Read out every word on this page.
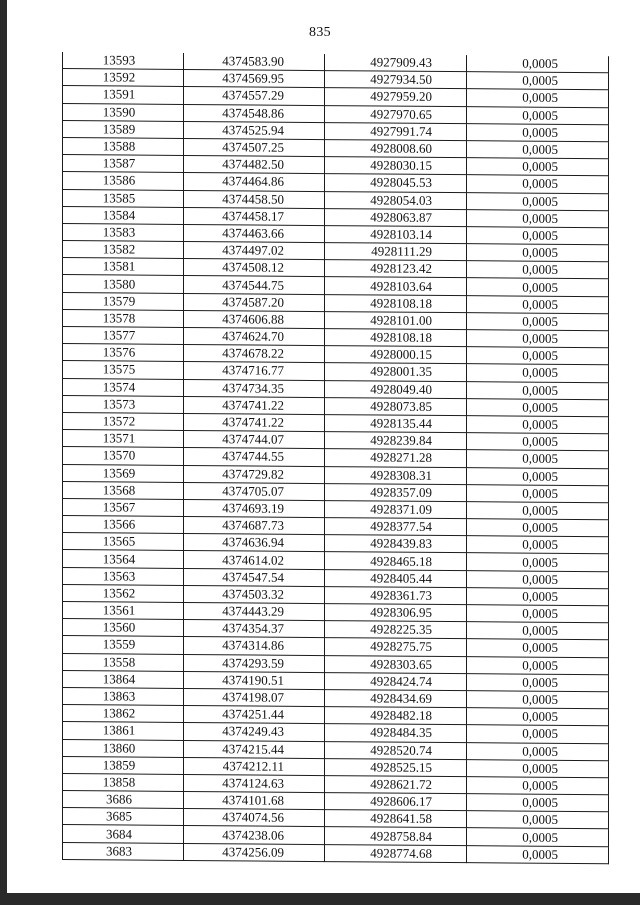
835
13593	4374583.90	4927909.43	0,0005
13592	4374569.95	4927934.50	0,0005
13591	4374557.29	4927959.20	0,0005
13590	4374548.86	4927970.65	0,0005
13589	4374525.94	4927991.74	0,0005
13588	4374507.25	4928008.60	0,0005
13587	4374482.50	4928030.15	0,0005
13586	4374464.86	4928045.53	0,0005
13585	4374458.50	4928054.03	0,0005
13584	4374458.17	4928063.87	0,0005
13583	4374463.66	4928103.14	0,0005
13582	4374497.02	4928111.29	0,0005
13581	4374508.12	4928123.42	0,0005
13580	4374544.75	4928103.64	0,0005
13579	4374587.20	4928108.18	0,0005
13578	4374606.88	4928101.00	0,0005
13577	4374624.70	4928108.18	0,0005
13576	4374678.22	4928000.15	0,0005
13575	4374716.77	4928001.35	0,0005
13574	4374734.35	4928049.40	0,0005
13573	4374741.22	4928073.85	0,0005
13572	4374741.22	4928135.44	0,0005
13571	4374744.07	4928239.84	0,0005
13570	4374744.55	4928271.28	0,0005
13569	4374729.82	4928308.31	0,0005
13568	4374705.07	4928357.09	0,0005
13567	4374693.19	4928371.09	0,0005
13566	4374687.73	4928377.54	0,0005
13565	4374636.94	4928439.83	0,0005
13564	4374614.02	4928465.18	0,0005
13563	4374547.54	4928405.44	0,0005
13562	4374503.32	4928361.73	0,0005
13561	4374443.29	4928306.95	0,0005
13560	4374354.37	4928225.35	0,0005
13559	4374314.86	4928275.75	0,0005
13558	4374293.59	4928303.65	0,0005
13864	4374190.51	4928424.74	0,0005
13863	4374198.07	4928434.69	0,0005
13862	4374251.44	4928482.18	0,0005
13861	4374249.43	4928484.35	0,0005
13860	4374215.44	4928520.74	0,0005
13859	4374212.11	4928525.15	0,0005
13858	4374124.63	4928621.72	0,0005
3686	4374101.68	4928606.17	0,0005
3685	4374074.56	4928641.58	0,0005
3684	4374238.06	4928758.84	0,0005
3683	4374256.09	4928774.68	0,0005
